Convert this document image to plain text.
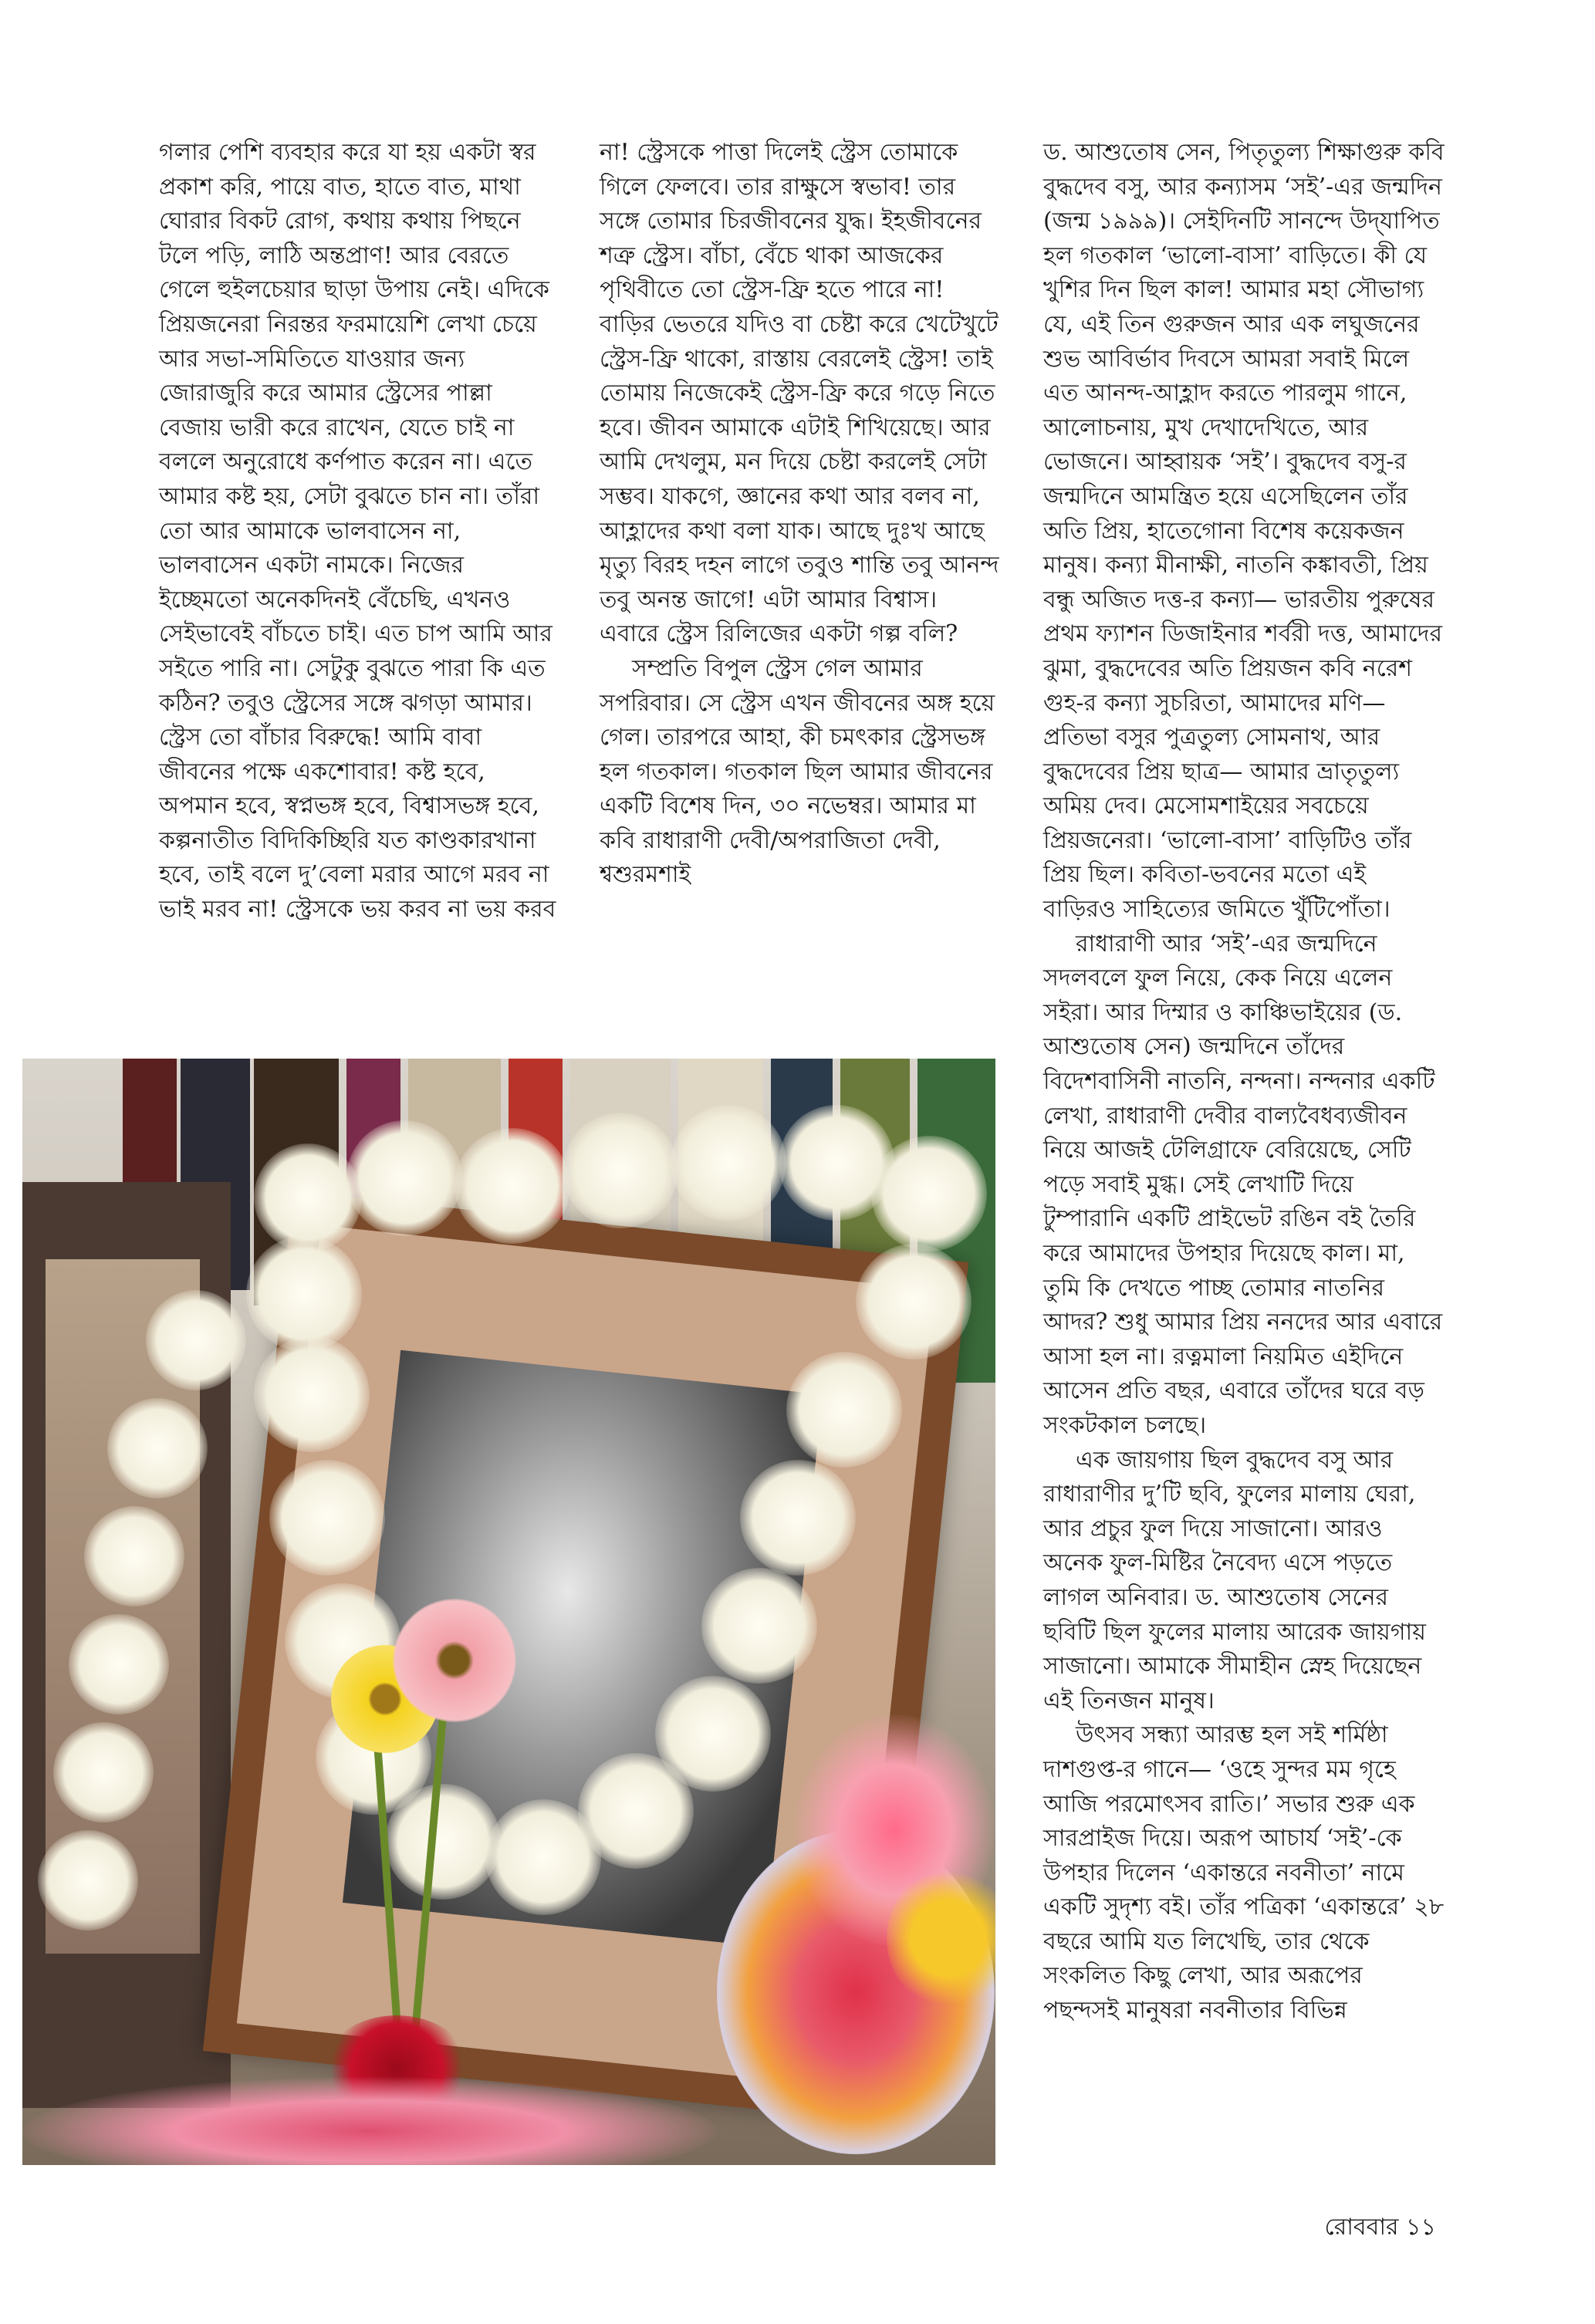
গলার পেশি ব্যবহার করে যা হয় একটা স্বর প্রকাশ করি, পায়ে বাত, হাতে বাত, মাথা ঘোরার বিকট রোগ, কথায় কথায় পিছনে টলে পড়ি, লাঠি অন্তপ্রাণ! আর বেরতে গেলে হুইলচেয়ার ছাড়া উপায় নেই। এদিকে প্রিয়জনেরা নিরন্তর ফরমায়েশি লেখা চেয়ে আর সভা-সমিতিতে যাওয়ার জন্য জোরাজুরি করে আমার স্ট্রেসের পাল্লা বেজায় ভারী করে রাখেন, যেতে চাই না বললে অনুরোধে কর্ণপাত করেন না। এতে আমার কষ্ট হয়, সেটা বুঝতে চান না। তাঁরা তো আর আমাকে ভালবাসেন না, ভালবাসেন একটা নামকে। নিজের ইচ্ছেমতো অনেকদিনই বেঁচেছি, এখনও সেইভাবেই বাঁচতে চাই। এত চাপ আমি আর সইতে পারি না। সেটুকু বুঝতে পারা কি এত কঠিন? তবুও স্ট্রেসের সঙ্গে ঝগড়া আমার। স্ট্রেস তো বাঁচার বিরুদ্ধে! আমি বাবা জীবনের পক্ষে একশোবার! কষ্ট হবে, অপমান হবে, স্বপ্নভঙ্গ হবে, বিশ্বাসভঙ্গ হবে, কল্পনাতীত বিদিকিচ্ছিরি যত কাণ্ডকারখানা হবে, তাই বলে দু’বেলা মরার আগে মরব না ভাই মরব না! স্ট্রেসকে ভয় করব না ভয় করব

না! স্ট্রেসকে পাত্তা দিলেই স্ট্রেস তোমাকে গিলে ফেলবে। তার রাক্ষুসে স্বভাব! তার সঙ্গে তোমার চিরজীবনের যুদ্ধ। ইহজীবনের শত্রু স্ট্রেস। বাঁচা, বেঁচে থাকা আজকের পৃথিবীতে তো স্ট্রেস-ফ্রি হতে পারে না! বাড়ির ভেতরে যদিও বা চেষ্টা করে খেটেখুটে স্ট্রেস-ফ্রি থাকো, রাস্তায় বেরলেই স্ট্রেস! তাই তোমায় নিজেকেই স্ট্রেস-ফ্রি করে গড়ে নিতে হবে। জীবন আমাকে এটাই শিখিয়েছে। আর আমি দেখলুম, মন দিয়ে চেষ্টা করলেই সেটা সম্ভব। যাকগে, জ্ঞানের কথা আর বলব না, আহ্লাদের কথা বলা যাক। আছে দুঃখ আছে মৃত্যু বিরহ দহন লাগে তবুও শান্তি তবু আনন্দ তবু অনন্ত জাগে! এটা আমার বিশ্বাস। এবারে স্ট্রেস রিলিজের একটা গল্প বলি?

সম্প্রতি বিপুল স্ট্রেস গেল আমার সপরিবার। সে স্ট্রেস এখন জীবনের অঙ্গ হয়ে গেল। তারপরে আহা, কী চমৎকার স্ট্রেসভঙ্গ হল গতকাল। গতকাল ছিল আমার জীবনের একটি বিশেষ দিন, ৩০ নভেম্বর। আমার মা কবি রাধারাণী দেবী/অপরাজিতা দেবী, শ্বশুরমশাই

ড. আশুতোষ সেন, পিতৃতুল্য শিক্ষাগুরু কবি বুদ্ধদেব বসু, আর কন্যাসম ‘সই’-এর জন্মদিন (জন্ম ১৯৯৯)। সেইদিনটি সানন্দে উদ্‌যাপিত হল গতকাল ‘ভালো-বাসা’ বাড়িতে। কী যে খুশির দিন ছিল কাল! আমার মহা সৌভাগ্য যে, এই তিন গুরুজন আর এক লঘুজনের শুভ আবির্ভাব দিবসে আমরা সবাই মিলে এত আনন্দ-আহ্লাদ করতে পারলুম গানে, আলোচনায়, মুখ দেখাদেখিতে, আর ভোজনে। আহ্বায়ক ‘সই’। বুদ্ধদেব বসু-র জন্মদিনে আমন্ত্রিত হয়ে এসেছিলেন তাঁর অতি প্রিয়, হাতেগোনা বিশেষ কয়েকজন মানুষ। কন্যা মীনাক্ষী, নাতনি কঙ্কাবতী, প্রিয় বন্ধু অজিত দত্ত-র কন্যা— ভারতীয় পুরুষের প্রথম ফ্যাশন ডিজাইনার শর্বরী দত্ত, আমাদের ঝুমা, বুদ্ধদেবের অতি প্রিয়জন কবি নরেশ গুহ-র কন্যা সুচরিতা, আমাদের মণি— প্রতিভা বসুর পুত্রতুল্য সোমনাথ, আর বুদ্ধদেবের প্রিয় ছাত্র— আমার ভ্রাতৃতুল্য অমিয় দেব। মেসোমশাইয়ের সবচেয়ে প্রিয়জনেরা। ‘ভালো-বাসা’ বাড়িটিও তাঁর প্রিয় ছিল। কবিতা-ভবনের মতো এই বাড়িরও সাহিত্যের জমিতে খুঁটিপোঁতা।

রাধারাণী আর ‘সই’-এর জন্মদিনে সদলবলে ফুল নিয়ে, কেক নিয়ে এলেন সইরা। আর দিম্মার ও কাঞ্চিভাইয়ের (ড. আশুতোষ সেন) জন্মদিনে তাঁদের বিদেশবাসিনী নাতনি, নন্দনা। নন্দনার একটি লেখা, রাধারাণী দেবীর বাল্যবৈধব্যজীবন নিয়ে আজই টেলিগ্রাফে বেরিয়েছে, সেটি পড়ে সবাই মুগ্ধ। সেই লেখাটি দিয়ে টুম্পারানি একটি প্রাইভেট রঙিন বই তৈরি করে আমাদের উপহার দিয়েছে কাল। মা, তুমি কি দেখতে পাচ্ছ তোমার নাতনির আদর? শুধু আমার প্রিয় ননদের আর এবারে আসা হল না। রত্নমালা নিয়মিত এইদিনে আসেন প্রতি বছর, এবারে তাঁদের ঘরে বড় সংকটকাল চলছে।

এক জায়গায় ছিল বুদ্ধদেব বসু আর রাধারাণীর দু’টি ছবি, ফুলের মালায় ঘেরা, আর প্রচুর ফুল দিয়ে সাজানো। আরও অনেক ফুল-মিষ্টির নৈবেদ্য এসে পড়তে লাগল অনিবার। ড. আশুতোষ সেনের ছবিটি ছিল ফুলের মালায় আরেক জায়গায় সাজানো। আমাকে সীমাহীন স্নেহ দিয়েছেন এই তিনজন মানুষ।

উৎসব সন্ধ্যা আরম্ভ হল সই শর্মিষ্ঠা দাশগুপ্ত-র গানে— ‘ওহে সুন্দর মম গৃহে আজি পরমোৎসব রাতি।’ সভার শুরু এক সারপ্রাইজ দিয়ে। অরূপ আচার্য ‘সই’-কে উপহার দিলেন ‘একান্তরে নবনীতা’ নামে একটি সুদৃশ্য বই। তাঁর পত্রিকা ‘একান্তরে’ ২৮ বছরে আমি যত লিখেছি, তার থেকে সংকলিত কিছু লেখা, আর অরূপের পছন্দসই মানুষরা নবনীতার বিভিন্ন

রোববার ১১
